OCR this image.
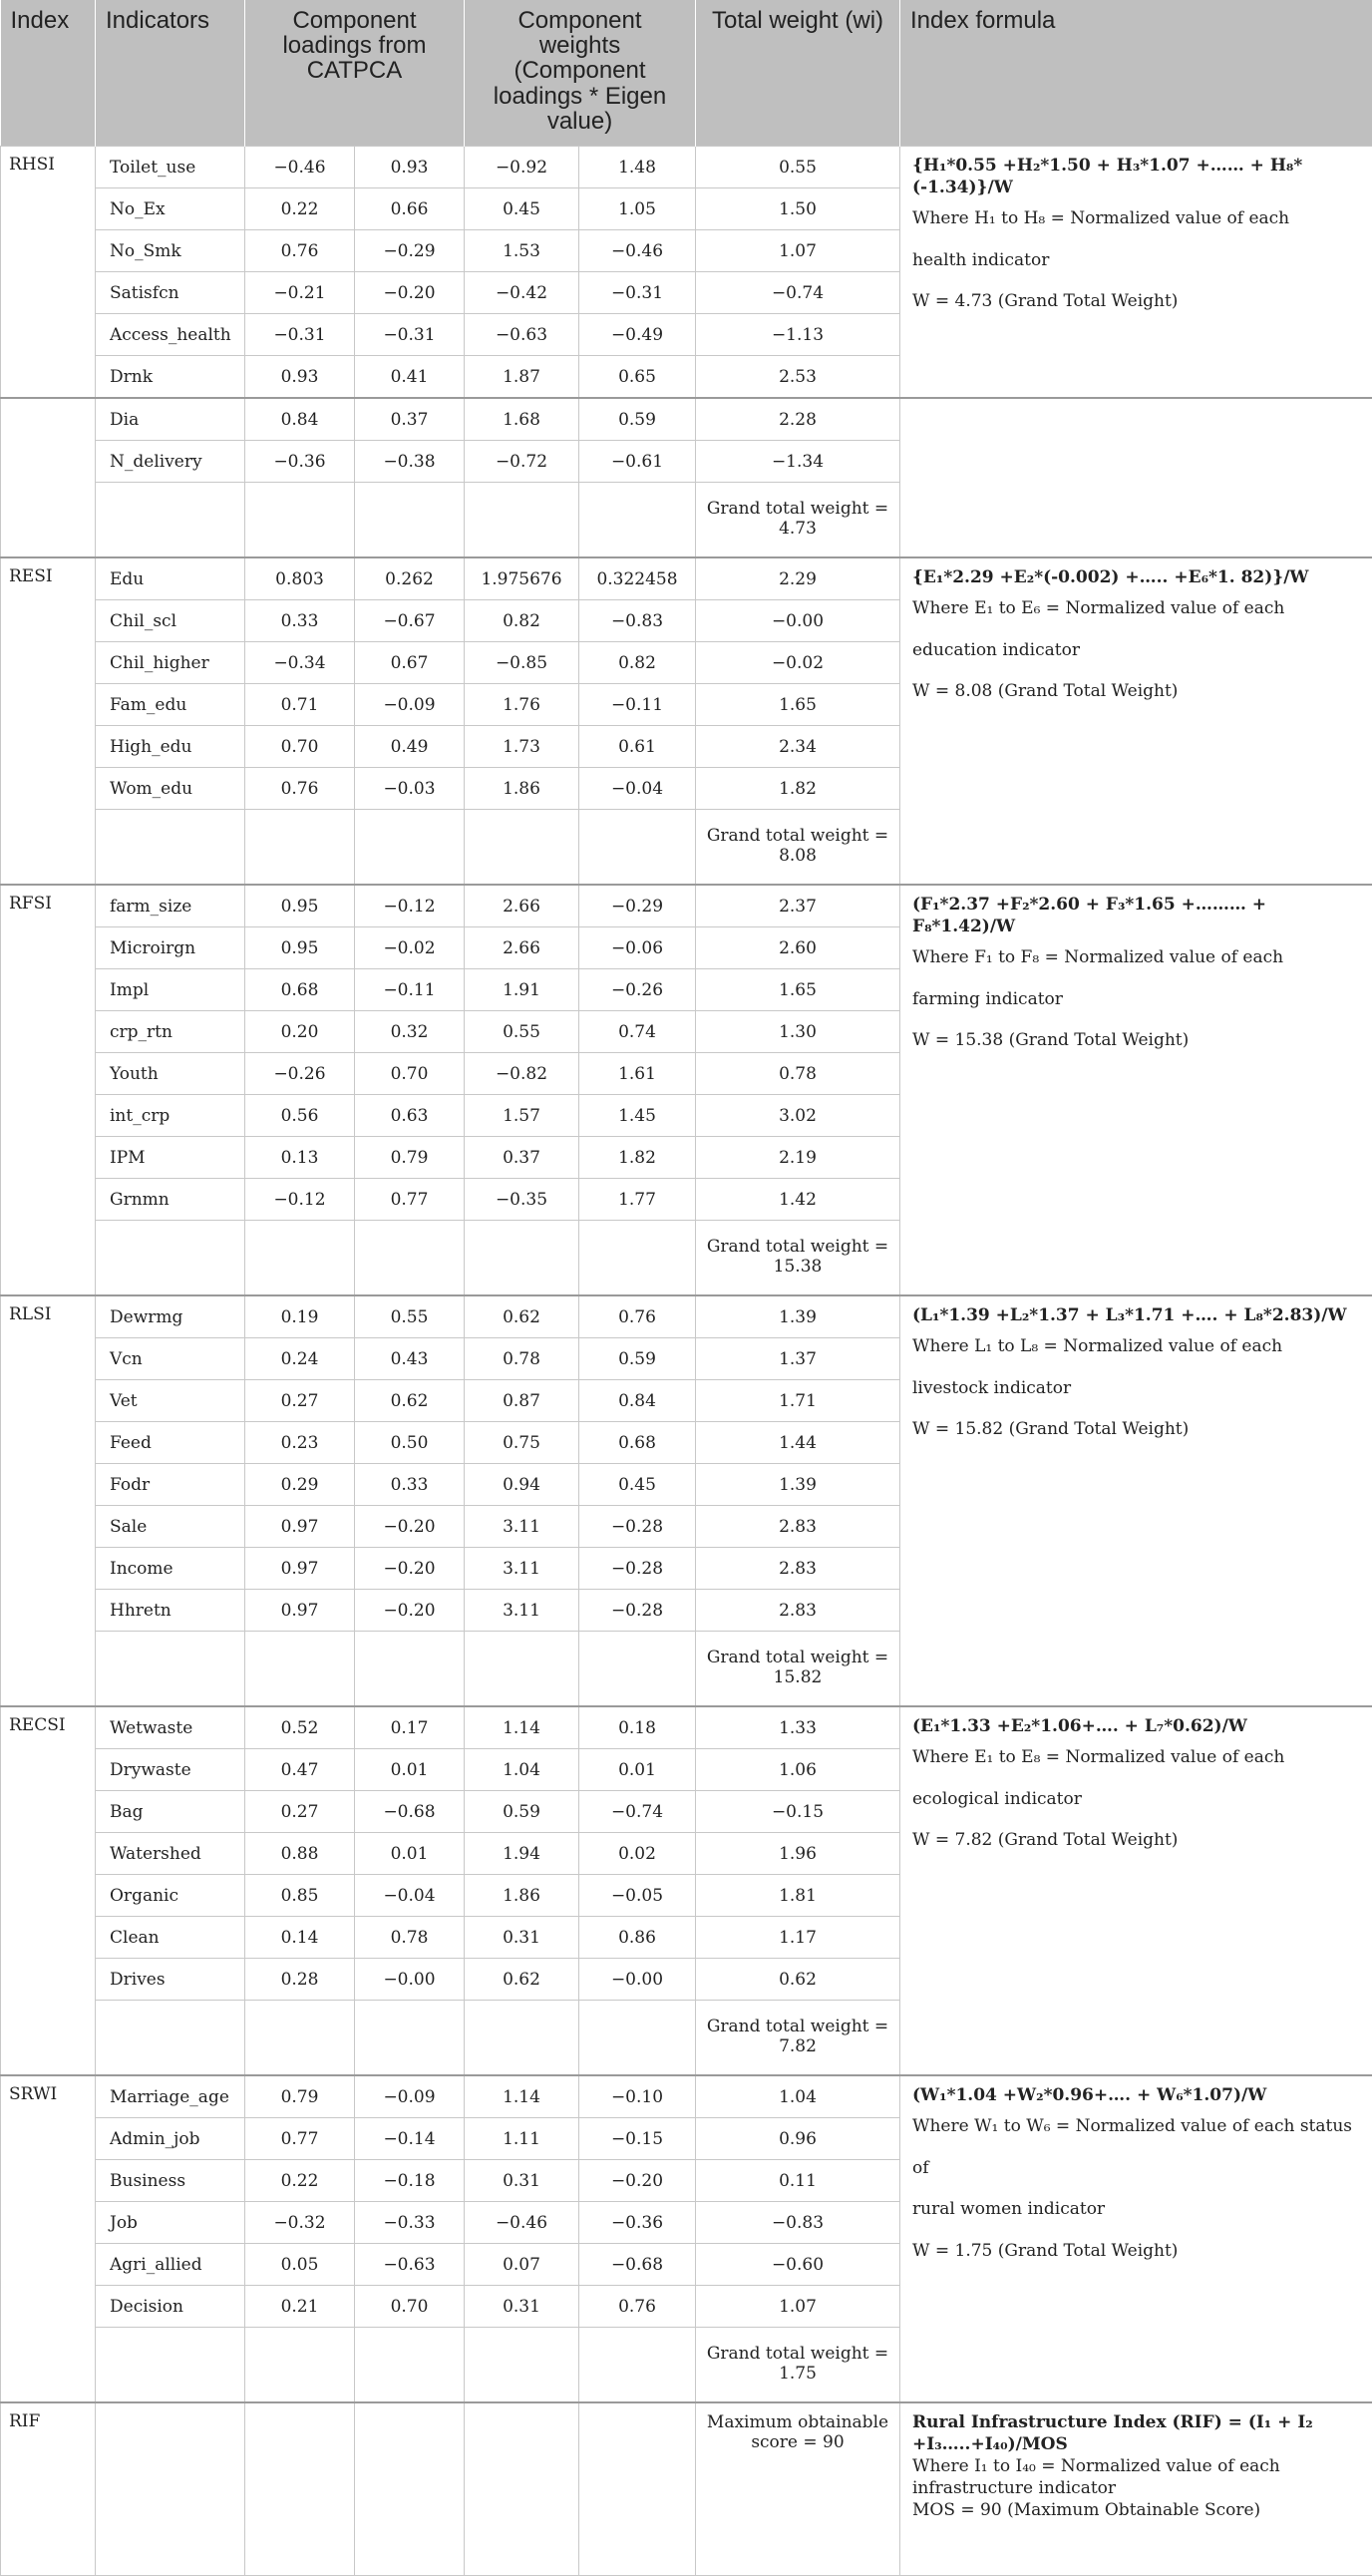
Index	Indicators	Component loadings from CATPCA		Component weights (Component loadings * Eigen value)		Total weight (wi)	Index formula
RHSI	Toilet_use	−0.46	0.93	−0.92	1.48	0.55	{H₁*0.55 +H₂*1.50 + H₃*1.07 +…… + H₈*(-1.34)}/W
Where H₁ to H₈ = Normalized value of each
health indicator
W = 4.73 (Grand Total Weight)

	No_Ex	0.22	0.66	0.45	1.05	1.50	
	No_Smk	0.76	−0.29	1.53	−0.46	1.07	
	Satisfcn	−0.21	−0.20	−0.42	−0.31	−0.74	
	Access_health	−0.31	−0.31	−0.63	−0.49	−1.13	
	Drnk	0.93	0.41	1.87	0.65	2.53	
	Dia	0.84	0.37	1.68	0.59	2.28	
	N_delivery	−0.36	−0.38	−0.72	−0.61	−1.34	
						Grand total weight = 4.73	
RESI	Edu	0.803	0.262	1.975676	0.322458	2.29	{E₁*2.29 +E₂*(-0.002) +….. +E₆*1. 82)}/W
Where E₁ to E₆ = Normalized value of each
education indicator
W = 8.08 (Grand Total Weight)

	Chil_scl	0.33	−0.67	0.82	−0.83	−0.00	
	Chil_higher	−0.34	0.67	−0.85	0.82	−0.02	
	Fam_edu	0.71	−0.09	1.76	−0.11	1.65	
	High_edu	0.70	0.49	1.73	0.61	2.34	
	Wom_edu	0.76	−0.03	1.86	−0.04	1.82	
						Grand total weight = 8.08	
RFSI	farm_size	0.95	−0.12	2.66	−0.29	2.37	(F₁*2.37 +F₂*2.60 + F₃*1.65 +……… + F₈*1.42)/W
Where F₁ to F₈ = Normalized value of each
farming indicator
W = 15.38 (Grand Total Weight)

	Microirgn	0.95	−0.02	2.66	−0.06	2.60	
	Impl	0.68	−0.11	1.91	−0.26	1.65	
	crp_rtn	0.20	0.32	0.55	0.74	1.30	
	Youth	−0.26	0.70	−0.82	1.61	0.78	
	int_crp	0.56	0.63	1.57	1.45	3.02	
	IPM	0.13	0.79	0.37	1.82	2.19	
	Grnmn	−0.12	0.77	−0.35	1.77	1.42	
						Grand total weight = 15.38	
RLSI	Dewrmg	0.19	0.55	0.62	0.76	1.39	(L₁*1.39 +L₂*1.37 + L₃*1.71 +…. + L₈*2.83)/W
Where L₁ to L₈ = Normalized value of each
livestock indicator
W = 15.82 (Grand Total Weight)

	Vcn	0.24	0.43	0.78	0.59	1.37	
	Vet	0.27	0.62	0.87	0.84	1.71	
	Feed	0.23	0.50	0.75	0.68	1.44	
	Fodr	0.29	0.33	0.94	0.45	1.39	
	Sale	0.97	−0.20	3.11	−0.28	2.83	
	Income	0.97	−0.20	3.11	−0.28	2.83	
	Hhretn	0.97	−0.20	3.11	−0.28	2.83	
						Grand total weight = 15.82	
RECSI	Wetwaste	0.52	0.17	1.14	0.18	1.33	(E₁*1.33 +E₂*1.06+…. + L₇*0.62)/W
Where E₁ to E₈ = Normalized value of each
ecological indicator
W = 7.82 (Grand Total Weight)

	Drywaste	0.47	0.01	1.04	0.01	1.06	
	Bag	0.27	−0.68	0.59	−0.74	−0.15	
	Watershed	0.88	0.01	1.94	0.02	1.96	
	Organic	0.85	−0.04	1.86	−0.05	1.81	
	Clean	0.14	0.78	0.31	0.86	1.17	
	Drives	0.28	−0.00	0.62	−0.00	0.62	
						Grand total weight = 7.82	
SRWI	Marriage_age	0.79	−0.09	1.14	−0.10	1.04	(W₁*1.04 +W₂*0.96+…. + W₆*1.07)/W
Where W₁ to W₆ = Normalized value of each status of
rural women indicator
W = 1.75 (Grand Total Weight)

	Admin_job	0.77	−0.14	1.11	−0.15	0.96	
	Business	0.22	−0.18	0.31	−0.20	0.11	
	Job	−0.32	−0.33	−0.46	−0.36	−0.83	
	Agri_allied	0.05	−0.63	0.07	−0.68	−0.60	
	Decision	0.21	0.70	0.31	0.76	1.07	
						Grand total weight = 1.75	
RIF						Maximum obtainable score = 90	Rural Infrastructure Index (RIF) = (I₁ + I₂ +I₃…..+I₄₀)/MOS
Where I₁ to I₄₀ = Normalized value of each
infrastructure indicator
MOS = 90 (Maximum Obtainable Score)
